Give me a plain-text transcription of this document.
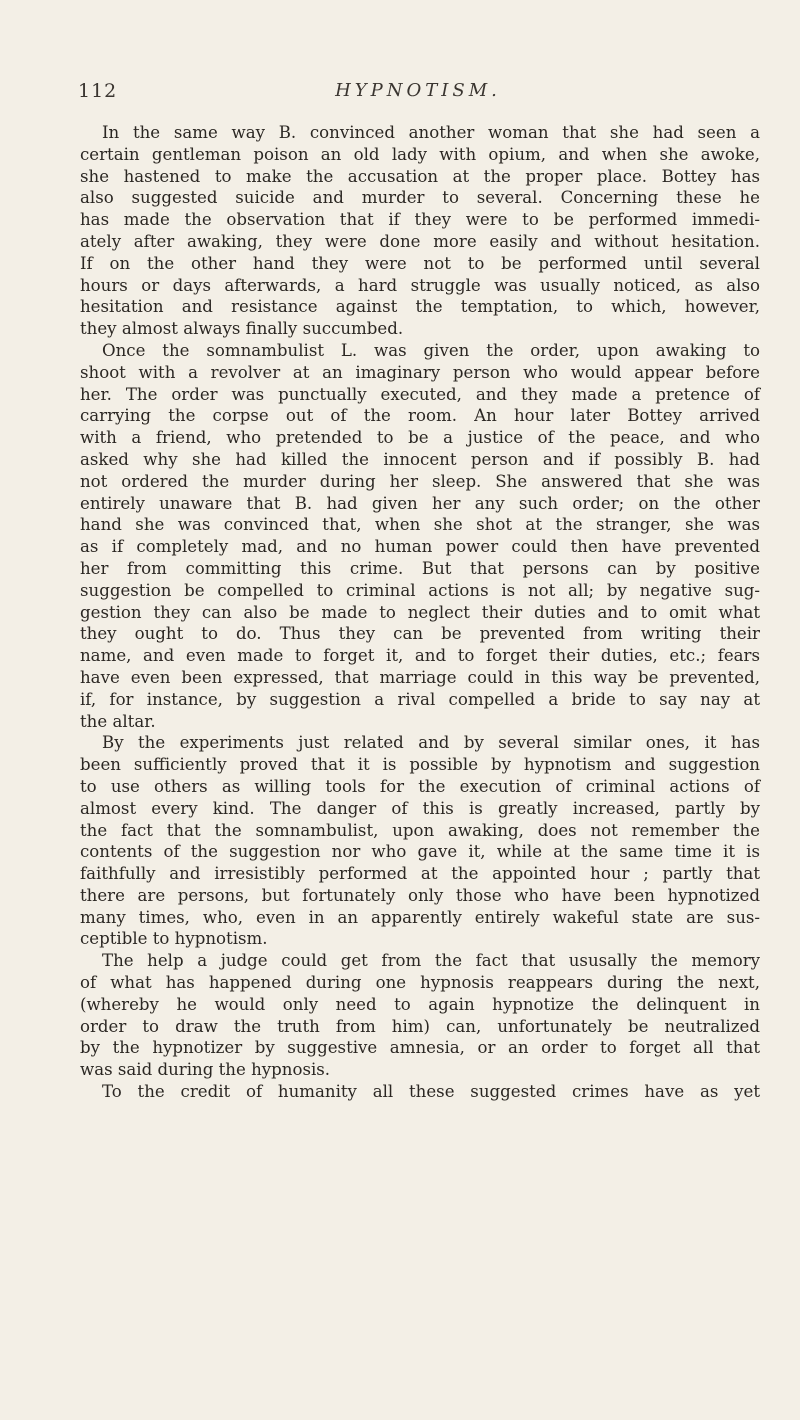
112	HYPNOTISM.
In the same way B. convinced another woman that she had seen a
certain gentleman poison an old lady with opium, and when she awoke,
she hastened to make the accusation at the proper place. Bottey has
also suggested suicide and murder to several. Concerning these he
has made the observation that if they were to be performed immedi-
ately after awaking, they were done more easily and without hesitation.
If on the other hand they were not to be performed until several
hours or days afterwards, a hard struggle was usually noticed, as also
hesitation and resistance against the temptation, to which, however,
they almost always finally succumbed.
Once the somnambulist L. was given the order, upon awaking to
shoot with a revolver at an imaginary person who would appear before
her. The order was punctually executed, and they made a pretence of
carrying the corpse out of the room. An hour later Bottey arrived
with a friend, who pretended to be a justice of the peace, and who
asked why she had killed the innocent person and if possibly B. had
not ordered the murder during her sleep. She answered that she was
entirely unaware that B. had given her any such order; on the other
hand she was convinced that, when she shot at the stranger, she was
as if completely mad, and no human power could then have prevented
her from committing this crime. But that persons can by positive
suggestion be compelled to criminal actions is not all; by negative sug-
gestion they can also be made to neglect their duties and to omit what
they ought to do. Thus they can be prevented from writing their
name, and even made to forget it, and to forget their duties, etc.; fears
have even been expressed, that marriage could in this way be prevented,
if, for instance, by suggestion a rival compelled a bride to say nay at
the altar.
By the experiments just related and by several similar ones, it has
been sufficiently proved that it is possible by hypnotism and suggestion
to use others as willing tools for the execution of criminal actions of
almost every kind. The danger of this is greatly increased, partly by
the fact that the somnambulist, upon awaking, does not remember the
contents of the suggestion nor who gave it, while at the same time it is
faithfully and irresistibly performed at the appointed hour ; partly that
there are persons, but fortunately only those who have been hypnotized
many times, who, even in an apparently entirely wakeful state are sus-
ceptible to hypnotism.
The help a judge could get from the fact that ususally the memory
of what has happened during one hypnosis reappears during the next,
(whereby he would only need to again hypnotize the delinquent in
order to draw the truth from him) can, unfortunately be neutralized
by the hypnotizer by suggestive amnesia, or an order to forget all that
was said during the hypnosis.
To the credit of humanity all these suggested crimes have as yet
